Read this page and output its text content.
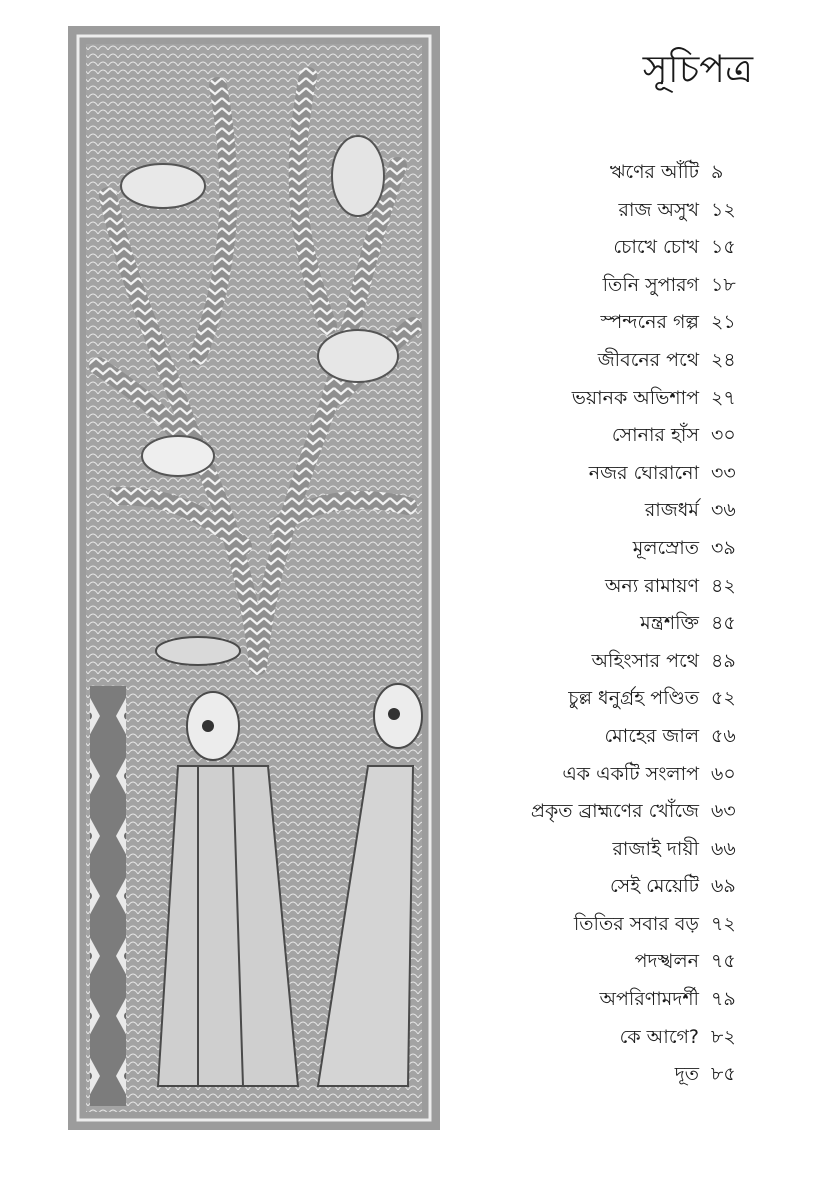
সূচিপত্র
ঋণের আঁটি ৯
রাজ অসুখ ১২
চোখে চোখ ১৫
তিনি সুপারগ ১৮
স্পন্দনের গল্প ২১
জীবনের পথে ২৪
ভয়ানক অভিশাপ ২৭
সোনার হাঁস ৩০
নজর ঘোরানো ৩৩
রাজধর্ম ৩৬
মূলস্রোত ৩৯
অন্য রামায়ণ ৪২
মন্ত্রশক্তি ৪৫
অহিংসার পথে ৪৯
চুল্ল ধনুর্গ্রহ পণ্ডিত ৫২
মোহের জাল ৫৬
এক একটি সংলাপ ৬০
প্রকৃত ব্রাহ্মণের খোঁজে ৬৩
রাজাই দায়ী ৬৬
সেই মেয়েটি ৬৯
তিতির সবার বড় ৭২
পদস্খলন ৭৫
অপরিণামদর্শী ৭৯
কে আগে? ৮২
দূত ৮৫
